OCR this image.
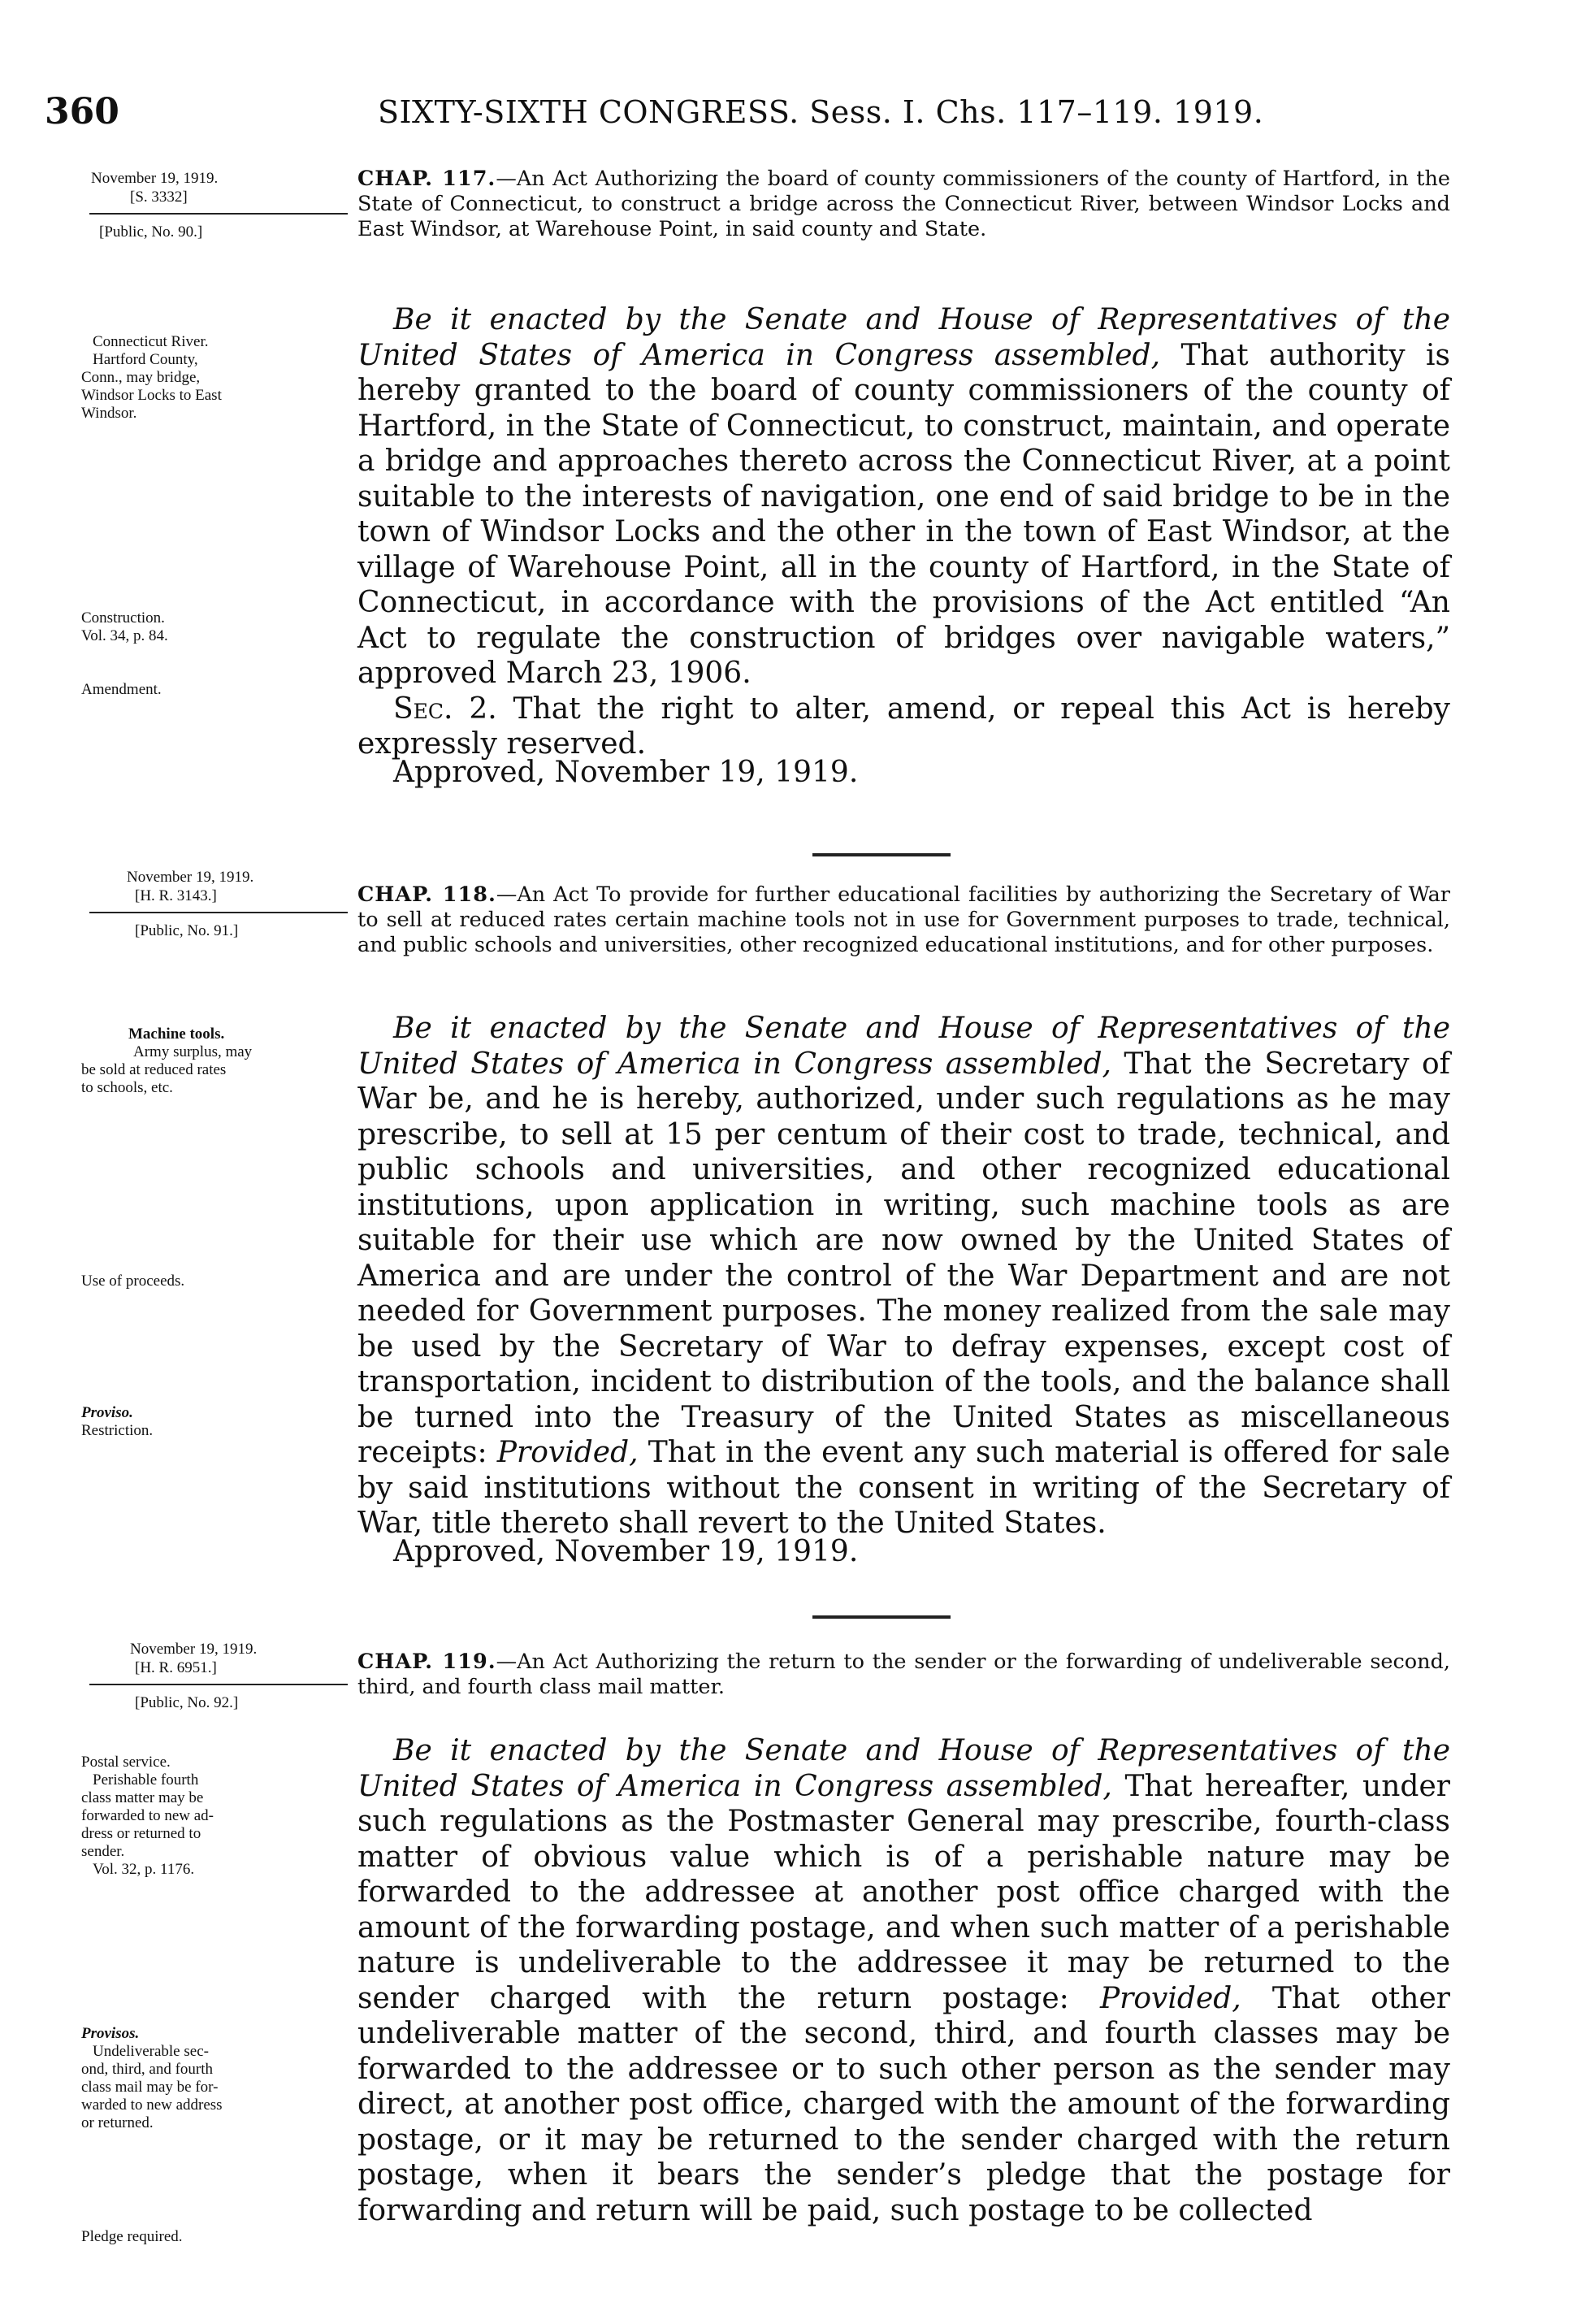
360	SIXTY-SIXTH CONGRESS. Sess. I. Chs. 117–119. 1919.
November 19, 1919.
[S. 3332]
[Public, No. 90.]
CHAP. 117.—An Act Authorizing the board of county commissioners of the county of Hartford, in the State of Connecticut, to construct a bridge across the Connecticut River, between Windsor Locks and East Windsor, at Warehouse Point, in said county and State.
Connecticut River.
Hartford County,
Conn., may bridge,
Windsor Locks to East
Windsor.
Construction.
Vol. 34, p. 84.
Amendment.

Be it enacted by the Senate and House of Representatives of the United States of America in Congress assembled, That authority is hereby granted to the board of county commissioners of the county of Hartford, in the State of Connecticut, to construct, maintain, and operate a bridge and approaches thereto across the Connecticut River, at a point suitable to the interests of navigation, one end of said bridge to be in the town of Windsor Locks and the other in the town of East Windsor, at the village of Warehouse Point, all in the county of Hartford, in the State of Connecticut, in accordance with the provisions of the Act entitled “An Act to regulate the construction of bridges over navigable waters,” approved March 23, 1906.

Sec. 2. That the right to alter, amend, or repeal this Act is hereby expressly reserved.

Approved, November 19, 1919.
November 19, 1919.
[H. R. 3143.]
[Public, No. 91.]
CHAP. 118.—An Act To provide for further educational facilities by authorizing the Secretary of War to sell at reduced rates certain machine tools not in use for Government purposes to trade, technical, and public schools and universities, other recognized educational institutions, and for other purposes.
Machine tools.
Army surplus, may
be sold at reduced rates
to schools, etc.
Use of proceeds.
Proviso.
Restriction.

Be it enacted by the Senate and House of Representatives of the United States of America in Congress assembled, That the Secretary of War be, and he is hereby, authorized, under such regulations as he may prescribe, to sell at 15 per centum of their cost to trade, technical, and public schools and universities, and other recognized educational institutions, upon application in writing, such machine tools as are suitable for their use which are now owned by the United States of America and are under the control of the War Department and are not needed for Government purposes. The money realized from the sale may be used by the Secretary of War to defray expenses, except cost of transportation, incident to distribution of the tools, and the balance shall be turned into the Treasury of the United States as miscellaneous receipts: Provided, That in the event any such material is offered for sale by said institutions without the consent in writing of the Secretary of War, title thereto shall revert to the United States.

Approved, November 19, 1919.
November 19, 1919.
[H. R. 6951.]
[Public, No. 92.]
CHAP. 119.—An Act Authorizing the return to the sender or the forwarding of undeliverable second, third, and fourth class mail matter.
Postal service.
Perishable fourth
class matter may be
forwarded to new ad-
dress or returned to
sender.
Vol. 32, p. 1176.
Provisos.
Undeliverable sec-
ond, third, and fourth
class mail may be for-
warded to new address
or returned.
Pledge required.

Be it enacted by the Senate and House of Representatives of the United States of America in Congress assembled, That hereafter, under such regulations as the Postmaster General may prescribe, fourth-class matter of obvious value which is of a perishable nature may be forwarded to the addressee at another post office charged with the amount of the forwarding postage, and when such matter of a perishable nature is undeliverable to the addressee it may be returned to the sender charged with the return postage: Provided, That other undeliverable matter of the second, third, and fourth classes may be forwarded to the addressee or to such other person as the sender may direct, at another post office, charged with the amount of the forwarding postage, or it may be returned to the sender charged with the return postage, when it bears the sender’s pledge that the postage for forwarding and return will be paid, such postage to be collected
